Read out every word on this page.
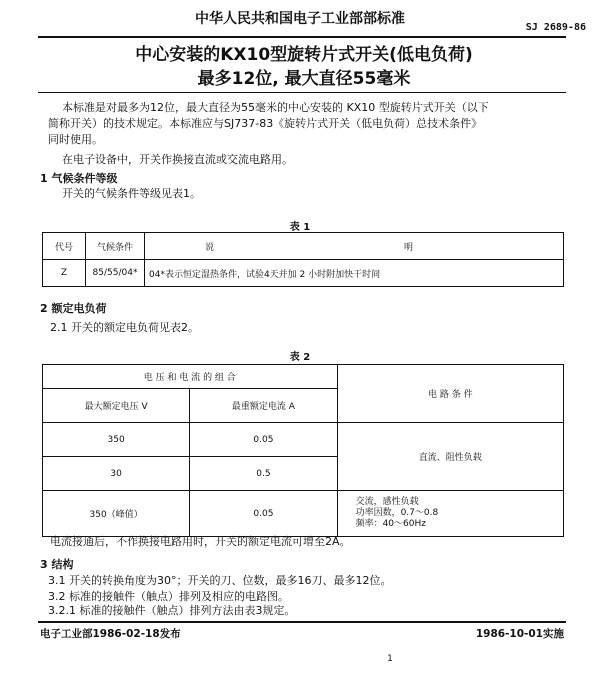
中华人民共和国电子工业部部标准
SJ 2689-86
中心安装的KX10型旋转片式开关(低电负荷)
最多12位, 最大直径55毫米
本标准是对最多为12位，最大直径为55毫米的中心安装的 KX10 型旋转片式开关（以下
简称开关）的技术规定。本标准应与SJ737-83《旋转片式开关（低电负荷）总技术条件》
同时使用。
在电子设备中，开关作换接直流或交流电路用。
1 气候条件等级
开关的气候条件等级见表1。
表 1
代号	气候条件	说	明
Z	85/55/04*	04*表示恒定湿热条件，试验4天并加 2 小时附加快干时间	
2 额定电负荷
2.1 开关的额定电负荷见表2。
表 2
电 压 和 电 流 的 组 合		电 路 条 件
最大额定电压 V	最重额定电流 A	
350	0.05	直流、阻性负载
30	0.5	
350（峰值）	0.05	交流，感性负载
功率因数，0.7～0.8
频率：40～60Hz
电流接通后，不作换接电路用时，开关的额定电流可增至2A。
3 结构
3.1 开关的转换角度为30°；开关的刀、位数，最多16刀、最多12位。
3.2 标准的接触件（触点）排列及相应的电路图。
3.2.1 标准的接触件（触点）排列方法由表3规定。
电子工业部1986-02-18发布	1986-10-01实施
1
